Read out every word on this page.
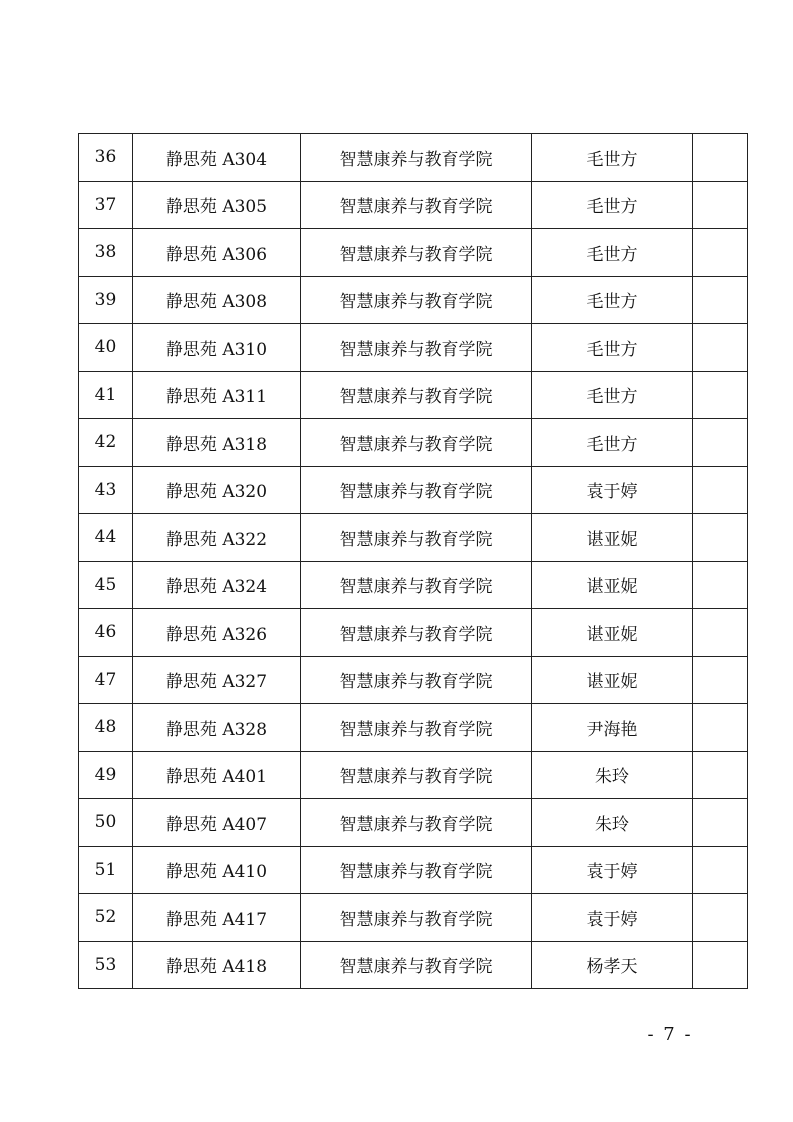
36	静思苑 A304	智慧康养与教育学院	毛世方	
37	静思苑 A305	智慧康养与教育学院	毛世方	
38	静思苑 A306	智慧康养与教育学院	毛世方	
39	静思苑 A308	智慧康养与教育学院	毛世方	
40	静思苑 A310	智慧康养与教育学院	毛世方	
41	静思苑 A311	智慧康养与教育学院	毛世方	
42	静思苑 A318	智慧康养与教育学院	毛世方	
43	静思苑 A320	智慧康养与教育学院	袁于婷	
44	静思苑 A322	智慧康养与教育学院	谌亚妮	
45	静思苑 A324	智慧康养与教育学院	谌亚妮	
46	静思苑 A326	智慧康养与教育学院	谌亚妮	
47	静思苑 A327	智慧康养与教育学院	谌亚妮	
48	静思苑 A328	智慧康养与教育学院	尹海艳	
49	静思苑 A401	智慧康养与教育学院	朱玲	
50	静思苑 A407	智慧康养与教育学院	朱玲	
51	静思苑 A410	智慧康养与教育学院	袁于婷	
52	静思苑 A417	智慧康养与教育学院	袁于婷	
53	静思苑 A418	智慧康养与教育学院	杨孝天	
- 7 -
